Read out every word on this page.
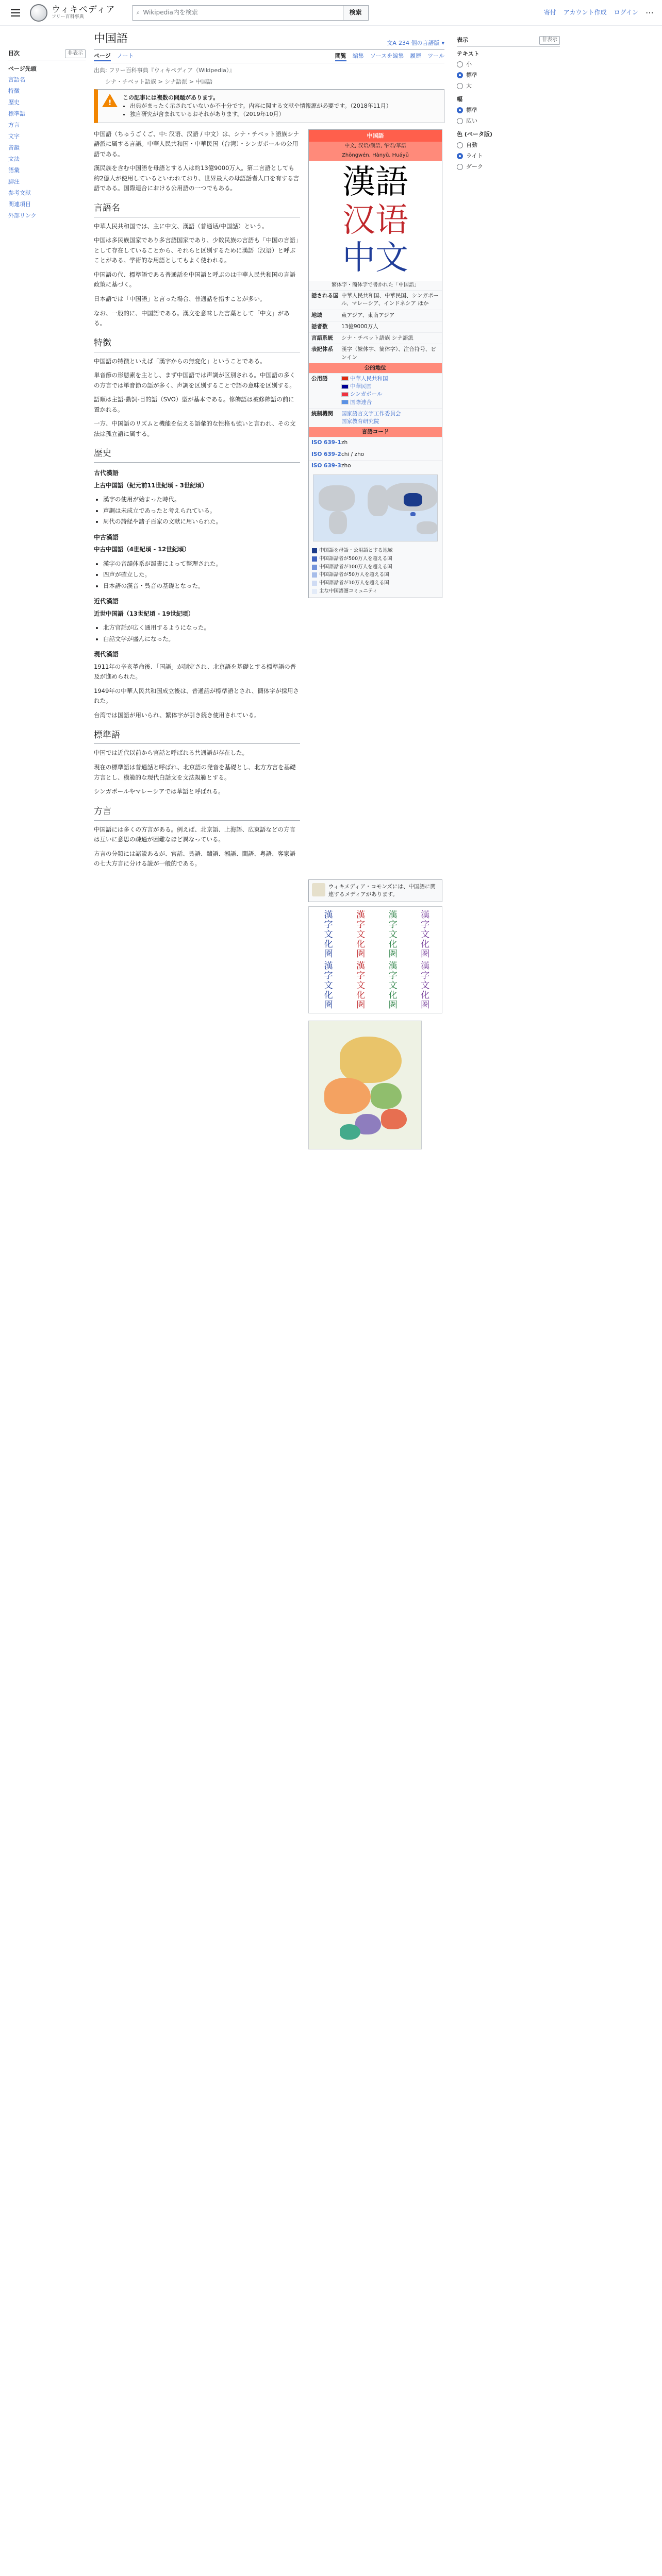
ウィキペディア
フリー百科事典
⌕ Wikipedia内を検索	検索	寄付 アカウント作成 ログイン ⋯
目次	非表示
ページ先頭
言語名
特徴
歴史
標準語
方言
文字
音韻
文法
語彙
脚注
参考文献
関連項目
外部リンク
中国語	文A 234 個の言語版 ▾
ページ ノート	閲覧 編集 ソースを編集 履歴 ツール
出典: フリー百科事典『ウィキペディア（Wikipedia）』
シナ・チベット語族 > シナ語派 > 中国語
!
この記事には複数の問題があります。
• 出典がまったく示されていないか不十分です。内容に関する文献や情報源が必要です。（2018年11月）
• 独自研究が含まれているおそれがあります。（2019年10月）

中国語（ちゅうごくご、中: 汉语、汉語 / 中文）は、シナ・チベット語族シナ語派に属する言語。中華人民共和国・中華民国（台湾）・シンガポールの公用語である。

漢民族を含む中国語を母語とする人は約13億9000万人。第二言語としても約2億人が使用しているといわれており、世界最大の母語話者人口を有する言語である。国際連合における公用語の一つでもある。

言語名

中華人民共和国では、主に中文、漢語（普通话/中国話）という。

中国は多民族国家であり多言語国家であり、少数民族の言語も「中国の言語」として存在していることから、それらと区別するために漢語（汉语）と呼ぶことがある。学術的な用語としてもよく使われる。

中国語の代、標準語である普通話を中国語と呼ぶのは中華人民共和国の言語政策に基づく。

日本語では「中国語」と言った場合、普通話を指すことが多い。

なお、一般的に、中国語である。漢文を意味した言葉として「中文」がある。

特徴

中国語の特徴といえば「漢字からの無変化」ということである。

単音節の形態素を主とし、まず中国語では声調が区別される。中国語の多くの方言では単音節の語が多く、声調を区別することで語の意味を区別する。

語順は主語-動詞-目的語（SVO）型が基本である。修飾語は被修飾語の前に置かれる。

一方、中国語のリズムと機能を伝える語彙的な性格も強いと言われ、その文法は孤立語に属する。

歴史
古代漢語

上古中国語（紀元前11世紀頃 - 3世紀頃）

• 漢字の使用が始まった時代。
• 声調は未成立であったと考えられている。
• 周代の詩経や諸子百家の文献に用いられた。
中古漢語

中古中国語（4世紀頃 - 12世紀頃）

• 漢字の音韻体系が韻書によって整理された。
• 四声が確立した。
• 日本語の漢音・呉音の基礎となった。
近代漢語

近世中国語（13世紀頃 - 19世紀頃）

• 北方官話が広く通用するようになった。
• 白話文学が盛んになった。
現代漢語

1911年の辛亥革命後、「国語」が制定され、北京語を基礎とする標準語の普及が進められた。

1949年の中華人民共和国成立後は、普通話が標準語とされ、簡体字が採用された。

台湾では国語が用いられ、繁体字が引き続き使用されている。

標準語

中国では近代以前から官話と呼ばれる共通語が存在した。

現在の標準語は普通話と呼ばれ、北京語の発音を基礎とし、北方方言を基礎方言とし、模範的な現代白話文を文法規範とする。

シンガポールやマレーシアでは華語と呼ばれる。

方言

中国語には多くの方言がある。例えば、北京語、上海語、広東語などの方言は互いに意思の疎通が困難なほど異なっている。

方言の分類には諸説あるが、官話、呉語、贛語、湘語、閩語、粤語、客家語の七大方言に分ける説が一般的である。

中国語
中文, 汉语/漢語, 华语/華語
Zhōngwén, Hànyǔ, Huáyǔ
漢語
汉语
中文
繁体字・簡体字で書かれた「中国語」
話される国 中華人民共和国、中華民国、シンガポール、マレーシア、インドネシア ほか
地域	東アジア、東南アジア
話者数	13億9000万人
言語系統	シナ・チベット語族 シナ語派
表記体系	漢字（繁体字、簡体字）、注音符号、ピンイン
公的地位
公用語	中華人民共和国
中華民国
シンガポール
国際連合
統制機関	国家語言文字工作委員会
国家教育研究院
言語コード
ISO 639-1 zh
ISO 639-2 chi / zho
ISO 639-3 zho
中国語を母語・公用語とする地域
中国語話者が500万人を超える国
中国語話者が100万人を超える国
中国語話者が50万人を超える国
中国語話者が10万人を超える国
主な中国語圏コミュニティ
ウィキメディア・コモンズには、中国語に関連するメディアがあります。
漢字文化圏	漢字文化圏	漢字文化圏	漢字文化圏
漢字文化圏	漢字文化圏	漢字文化圏	漢字文化圏
表示	非表示
テキスト
小
標準
大
幅
標準
広い
色 (ベータ版)
自動
ライト
ダーク
